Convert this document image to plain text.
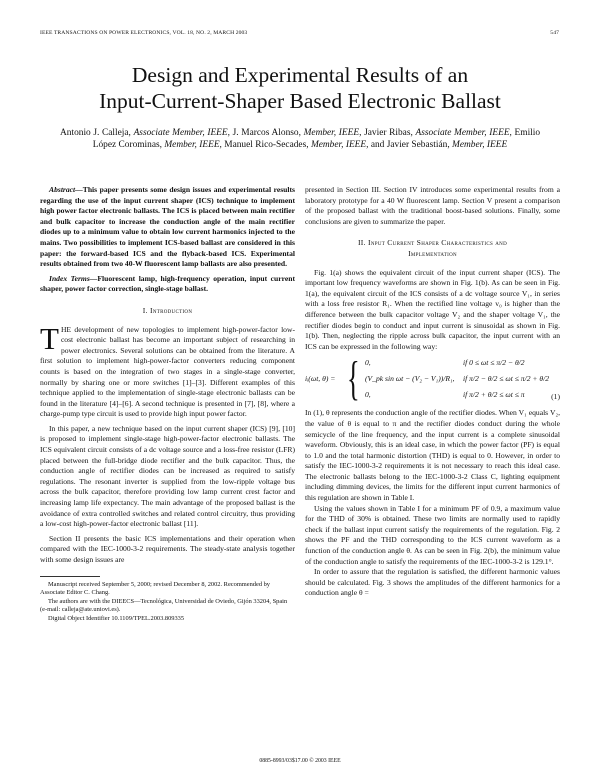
IEEE TRANSACTIONS ON POWER ELECTRONICS, VOL. 18, NO. 2, MARCH 2003	547
Design and Experimental Results of an
Input-Current-Shaper Based Electronic Ballast
Antonio J. Calleja, Associate Member, IEEE, J. Marcos Alonso, Member, IEEE, Javier Ribas, Associate Member, IEEE, Emilio López Corominas, Member, IEEE, Manuel Rico-Secades, Member, IEEE, and Javier Sebastián, Member, IEEE

Abstract—This paper presents some design issues and experimental results regarding the use of the input current shaper (ICS) technique to implement high power factor electronic ballasts. The ICS is placed between main rectifier and bulk capacitor to increase the conduction angle of the main rectifier diodes up to a minimum value to obtain low current harmonics injected to the mains. Two possibilities to implement ICS-based ballast are considered in this paper: the forward-based ICS and the flyback-based ICS. Experimental results obtained from two 40-W fluorescent lamp ballasts are also presented.

Index Terms—Fluorescent lamp, high-frequency operation, input current shaper, power factor correction, single-stage ballast.

I. Introduction

THE development of new topologies to implement high-power-factor low-cost electronic ballast has become an important subject of researching in power electronics. Several solutions can be obtained from the literature. A first solution to implement high-power-factor converters reducing component counts is based on the integration of two stages in a single-stage converter, normally by sharing one or more switches [1]–[3]. Different examples of this technique applied to the implementation of single-stage electronic ballasts can be found in the literature [4]–[6]. A second technique is presented in [7], [8], where a charge-pump type circuit is used to provide high input power factor.

In this paper, a new technique based on the input current shaper (ICS) [9], [10] is proposed to implement single-stage high-power-factor electronic ballasts. The ICS equivalent circuit consists of a dc voltage source and a loss-free resistor (LFR) placed between the full-bridge diode rectifier and the bulk capacitor. Thus, the conduction angle of rectifier diodes can be increased as required to satisfy regulations. The resonant inverter is supplied from the low-ripple voltage bus across the bulk capacitor, therefore providing low lamp current crest factor and increasing lamp life expectancy. The main advantage of the proposed ballast is the avoidance of extra controlled switches and related control circuitry, thus providing a low-cost high-power-factor electronic ballast [11].

Section II presents the basic ICS implementations and their operation when compared with the IEC-1000-3-2 requirements. The steady-state analysis together with some design issues are

Manuscript received September 5, 2000; revised December 8, 2002. Recommended by Associate Editor C. Chang.

The authors are with the DIEECS—Tecnológica, Universidad de Oviedo, Gijón 33204, Spain (e-mail: calleja@ate.uniovi.es).

Digital Object Identifier 10.1109/TPEL.2003.809335

presented in Section III. Section IV introduces some experimental results from a laboratory prototype for a 40 W fluorescent lamp. Section V present a comparison of the proposed ballast with the traditional boost-based solutions. Finally, some conclusions are given to summarize the paper.

II. Input Current Shaper Characteristics and
Implementation

Fig. 1(a) shows the equivalent circuit of the input current shaper (ICS). The important low frequency waveforms are shown in Fig. 1(b). As can be seen in Fig. 1(a), the equivalent circuit of the ICS consists of a dc voltage source V₁, in series with a loss free resistor R₁. When the rectified line voltage v₀ is higher than the difference between the bulk capacitor voltage V₂ and the shaper voltage V₁, the rectifier diodes begin to conduct and input current is sinusoidal as shown in Fig. 1(b). Then, neglecting the ripple across bulk capacitor, the input current with an ICS can be expressed in the following way:

iᵢ(ωt, θ) = { 0,	if 0 ≤ ωt ≤ π/2 − θ/2
(V_pk sin ωt − (V₂ − V₁))/R₁, if π/2 − θ/2 ≤ ωt ≤ π/2 + θ/2
0,	if π/2 + θ/2 ≤ ωt ≤ π	(1)

In (1), θ represents the conduction angle of the rectifier diodes. When V₁ equals V₂, the value of θ is equal to π and the rectifier diodes conduct during the whole semicycle of the line frequency, and the input current is a complete sinusoidal waveform. Obviously, this is an ideal case, in which the power factor (PF) is equal to 1.0 and the total harmonic distortion (THD) is equal to 0. However, in order to satisfy the IEC-1000-3-2 requirements it is not necessary to reach this ideal case. The electronic ballasts belong to the IEC-1000-3-2 Class C, lighting equipment including dimming devices, the limits for the different input current harmonics of this regulation are shown in Table I.

Using the values shown in Table I for a minimum PF of 0.9, a maximum value for the THD of 30% is obtained. These two limits are normally used to rapidly check if the ballast input current satisfy the requirements of the regulation. Fig. 2 shows the PF and the THD corresponding to the ICS current waveform as a function of the conduction angle θ. As can be seen in Fig. 2(b), the minimum value of the conduction angle to satisfy the requirements of the IEC-1000-3-2 is 129.1°.

In order to assure that the regulation is satisfied, the different harmonic values should be calculated. Fig. 3 shows the amplitudes of the different harmonics for a conduction angle θ =

0885-8993/03$17.00 © 2003 IEEE
